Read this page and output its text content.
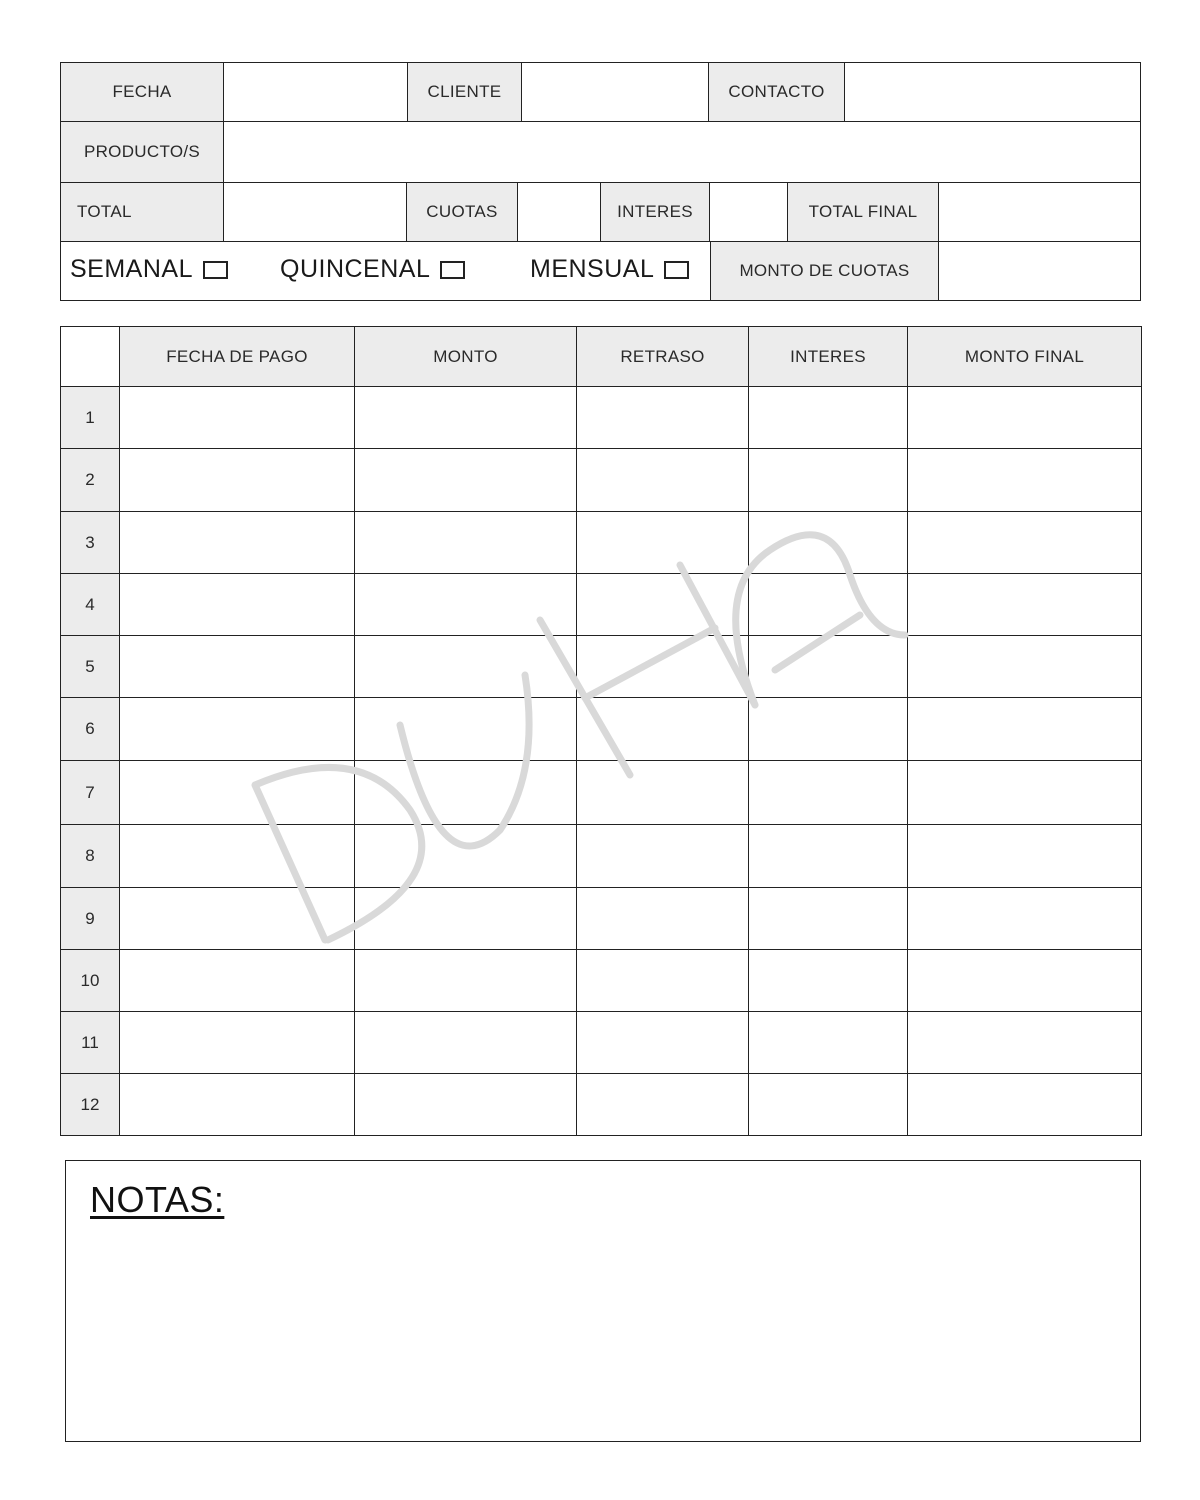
FECHA	CLIENTE	CONTACTO
PRODUCTO/S
TOTAL	CUOTAS	INTERES	TOTAL FINAL
SEMANAL	QUINCENAL	MENSUAL	MONTO DE CUOTAS
FECHA DE PAGO	MONTO	RETRASO	INTERES	MONTO FINAL
1
2
3
4
5
6
7
8
9
10
11
12
NOTAS:
